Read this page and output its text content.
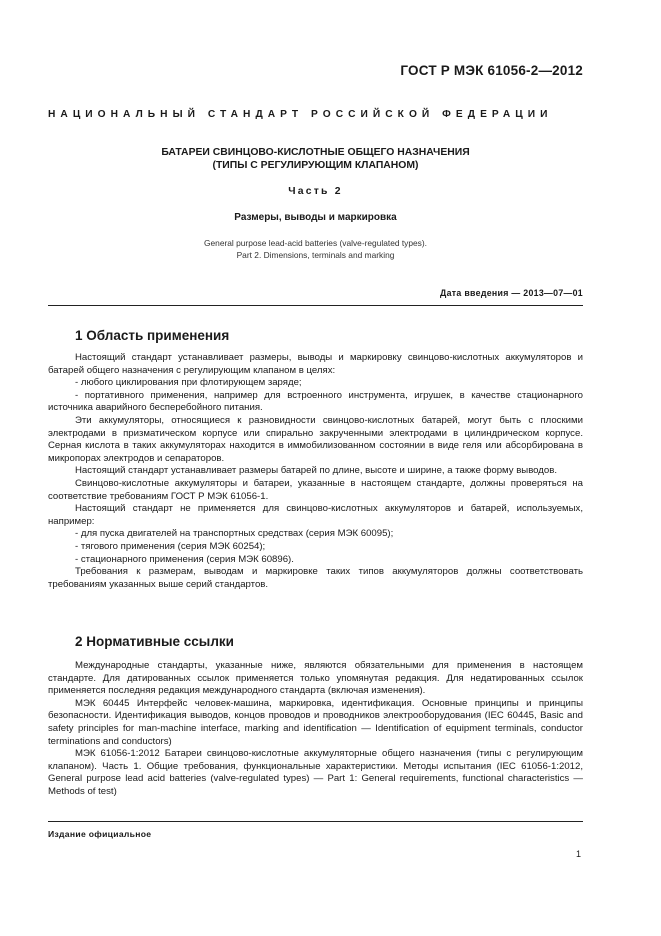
ГОСТ Р МЭК 61056-2—2012
НАЦИОНАЛЬНЫЙ СТАНДАРТ РОССИЙСКОЙ ФЕДЕРАЦИИ
БАТАРЕИ СВИНЦОВО-КИСЛОТНЫЕ ОБЩЕГО НАЗНАЧЕНИЯ
(ТИПЫ С РЕГУЛИРУЮЩИМ КЛАПАНОМ)
Часть 2
Размеры, выводы и маркировка
General purpose lead-acid batteries (valve-regulated types).
Part 2. Dimensions, terminals and marking
Дата введения — 2013—07—01
1 Область применения

Настоящий стандарт устанавливает размеры, выводы и маркировку свинцово-кислотных аккумуляторов и батарей общего назначения с регулирующим клапаном в целях:

- любого циклирования при флотирующем заряде;

- портативного применения, например для встроенного инструмента, игрушек, в качестве стационарного источника аварийного бесперебойного питания.

Эти аккумуляторы, относящиеся к разновидности свинцово-кислотных батарей, могут быть с плоскими электродами в призматическом корпусе или спирально закрученными электродами в цилиндрическом корпусе. Серная кислота в таких аккумуляторах находится в иммобилизованном состоянии в виде геля или абсорбирована в микропорах электродов и сепараторов.

Настоящий стандарт устанавливает размеры батарей по длине, высоте и ширине, а также форму выводов.

Свинцово-кислотные аккумуляторы и батареи, указанные в настоящем стандарте, должны проверяться на соответствие требованиям ГОСТ Р МЭК 61056-1.

Настоящий стандарт не применяется для свинцово-кислотных аккумуляторов и батарей, используемых, например:

- для пуска двигателей на транспортных средствах (серия МЭК 60095);

- тягового применения (серия МЭК 60254);

- стационарного применения (серия МЭК 60896).

Требования к размерам, выводам и маркировке таких типов аккумуляторов должны соответствовать требованиям указанных выше серий стандартов.

2 Нормативные ссылки

Международные стандарты, указанные ниже, являются обязательными для применения в настоящем стандарте. Для датированных ссылок применяется только упомянутая редакция. Для недатированных ссылок применяется последняя редакция международного стандарта (включая изменения).

МЭК 60445 Интерфейс человек-машина, маркировка, идентификация. Основные принципы и принципы безопасности. Идентификация выводов, концов проводов и проводников электрооборудования (IEC 60445, Basic and safety principles for man-machine interface, marking and identification — Identification of equipment terminals, conductor terminations and conductors)

МЭК 61056-1:2012 Батареи свинцово-кислотные аккумуляторные общего назначения (типы с регулирующим клапаном). Часть 1. Общие требования, функциональные характеристики. Методы испытания (IEC 61056-1:2012, General purpose lead acid batteries (valve-regulated types) — Part 1: General requirements, functional characteristics — Methods of test)

Издание официальное
1
